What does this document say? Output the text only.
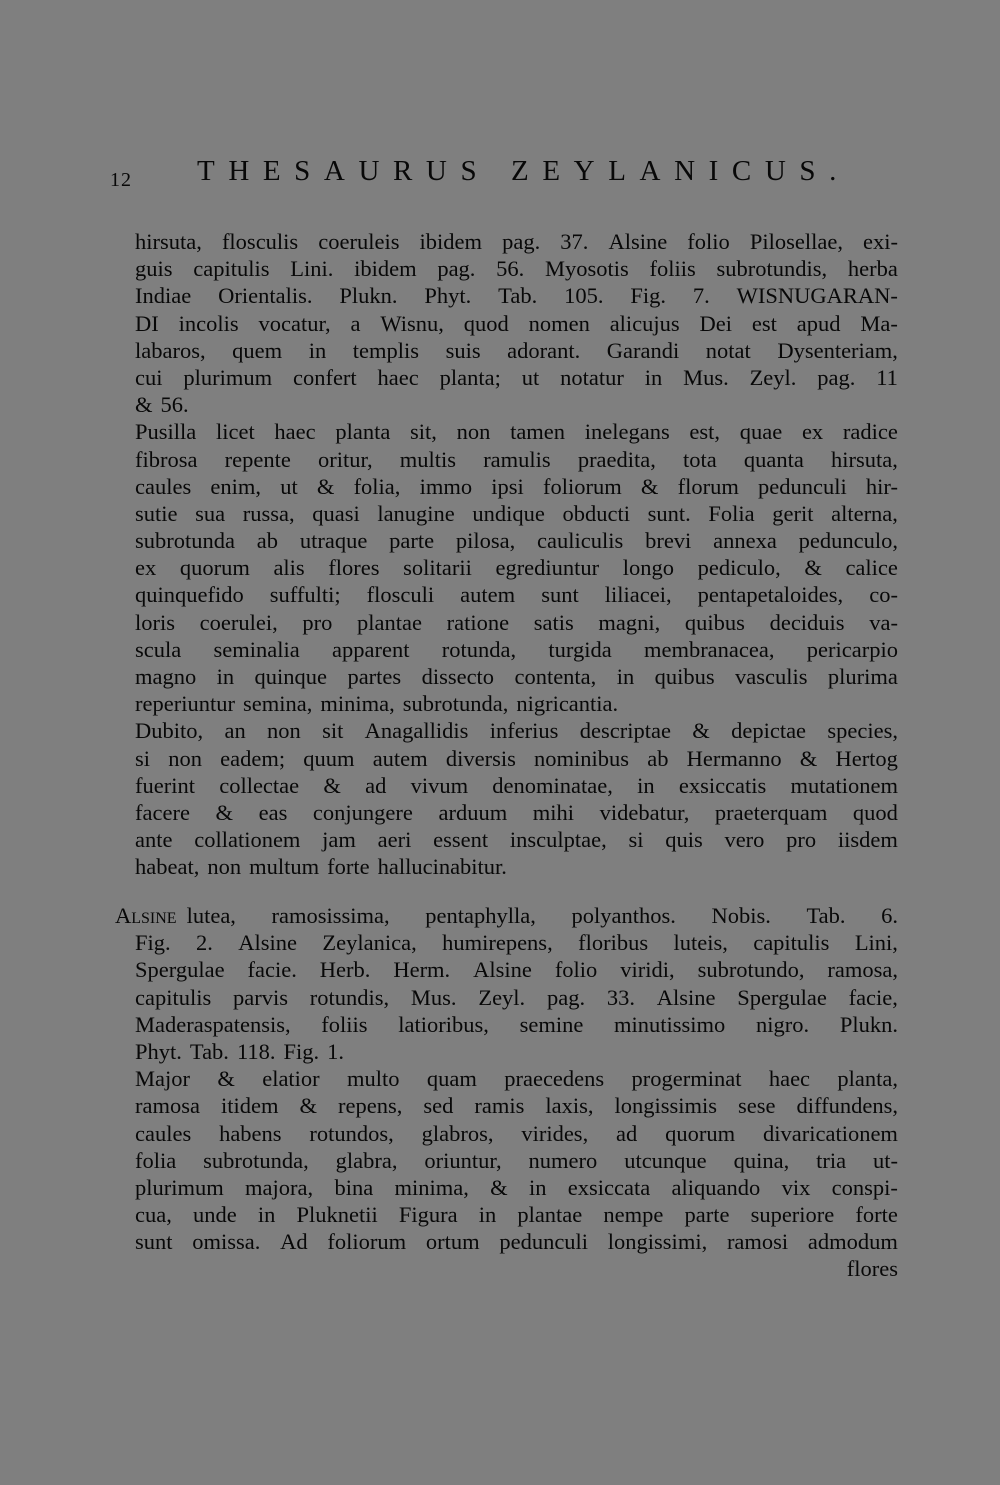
12 THESAURUS ZEYLANICUS.
hirsuta, flosculis coeruleis ibidem pag. 37. Alsine folio Pilosellae, exi-
guis capitulis Lini. ibidem pag. 56. Myosotis foliis subrotundis, herba
Indiae Orientalis. Plukn. Phyt. Tab. 105. Fig. 7. WISNUGARAN-
DI incolis vocatur, a Wisnu, quod nomen alicujus Dei est apud Ma-
labaros, quem in templis suis adorant. Garandi notat Dysenteriam,
cui plurimum confert haec planta; ut notatur in Mus. Zeyl. pag. 11
& 56.
Pusilla licet haec planta sit, non tamen inelegans est, quae ex radice
fibrosa repente oritur, multis ramulis praedita, tota quanta hirsuta,
caules enim, ut & folia, immo ipsi foliorum & florum pedunculi hir-
sutie sua russa, quasi lanugine undique obducti sunt. Folia gerit alterna,
subrotunda ab utraque parte pilosa, cauliculis brevi annexa pedunculo,
ex quorum alis flores solitarii egrediuntur longo pediculo, & calice
quinquefido suffulti; flosculi autem sunt liliacei, pentapetaloides, co-
loris coerulei, pro plantae ratione satis magni, quibus deciduis va-
scula seminalia apparent rotunda, turgida membranacea, pericarpio
magno in quinque partes dissecto contenta, in quibus vasculis plurima
reperiuntur semina, minima, subrotunda, nigricantia.
Dubito, an non sit Anagallidis inferius descriptae & depictae species,
si non eadem; quum autem diversis nominibus ab Hermanno & Hertog
fuerint collectae & ad vivum denominatae, in exsiccatis mutationem
facere & eas conjungere arduum mihi videbatur, praeterquam quod
ante collationem jam aeri essent insculptae, si quis vero pro iisdem
habeat, non multum forte hallucinabitur.
Alsine lutea, ramosissima, pentaphylla, polyanthos. Nobis. Tab. 6.
Fig. 2. Alsine Zeylanica, humirepens, floribus luteis, capitulis Lini,
Spergulae facie. Herb. Herm. Alsine folio viridi, subrotundo, ramosa,
capitulis parvis rotundis, Mus. Zeyl. pag. 33. Alsine Spergulae facie,
Maderaspatensis, foliis latioribus, semine minutissimo nigro. Plukn.
Phyt. Tab. 118. Fig. 1.
Major & elatior multo quam praecedens progerminat haec planta,
ramosa itidem & repens, sed ramis laxis, longissimis sese diffundens,
caules habens rotundos, glabros, virides, ad quorum divaricationem
folia subrotunda, glabra, oriuntur, numero utcunque quina, tria ut-
plurimum majora, bina minima, & in exsiccata aliquando vix conspi-
cua, unde in Pluknetii Figura in plantae nempe parte superiore forte
sunt omissa. Ad foliorum ortum pedunculi longissimi, ramosi admodum
flores
